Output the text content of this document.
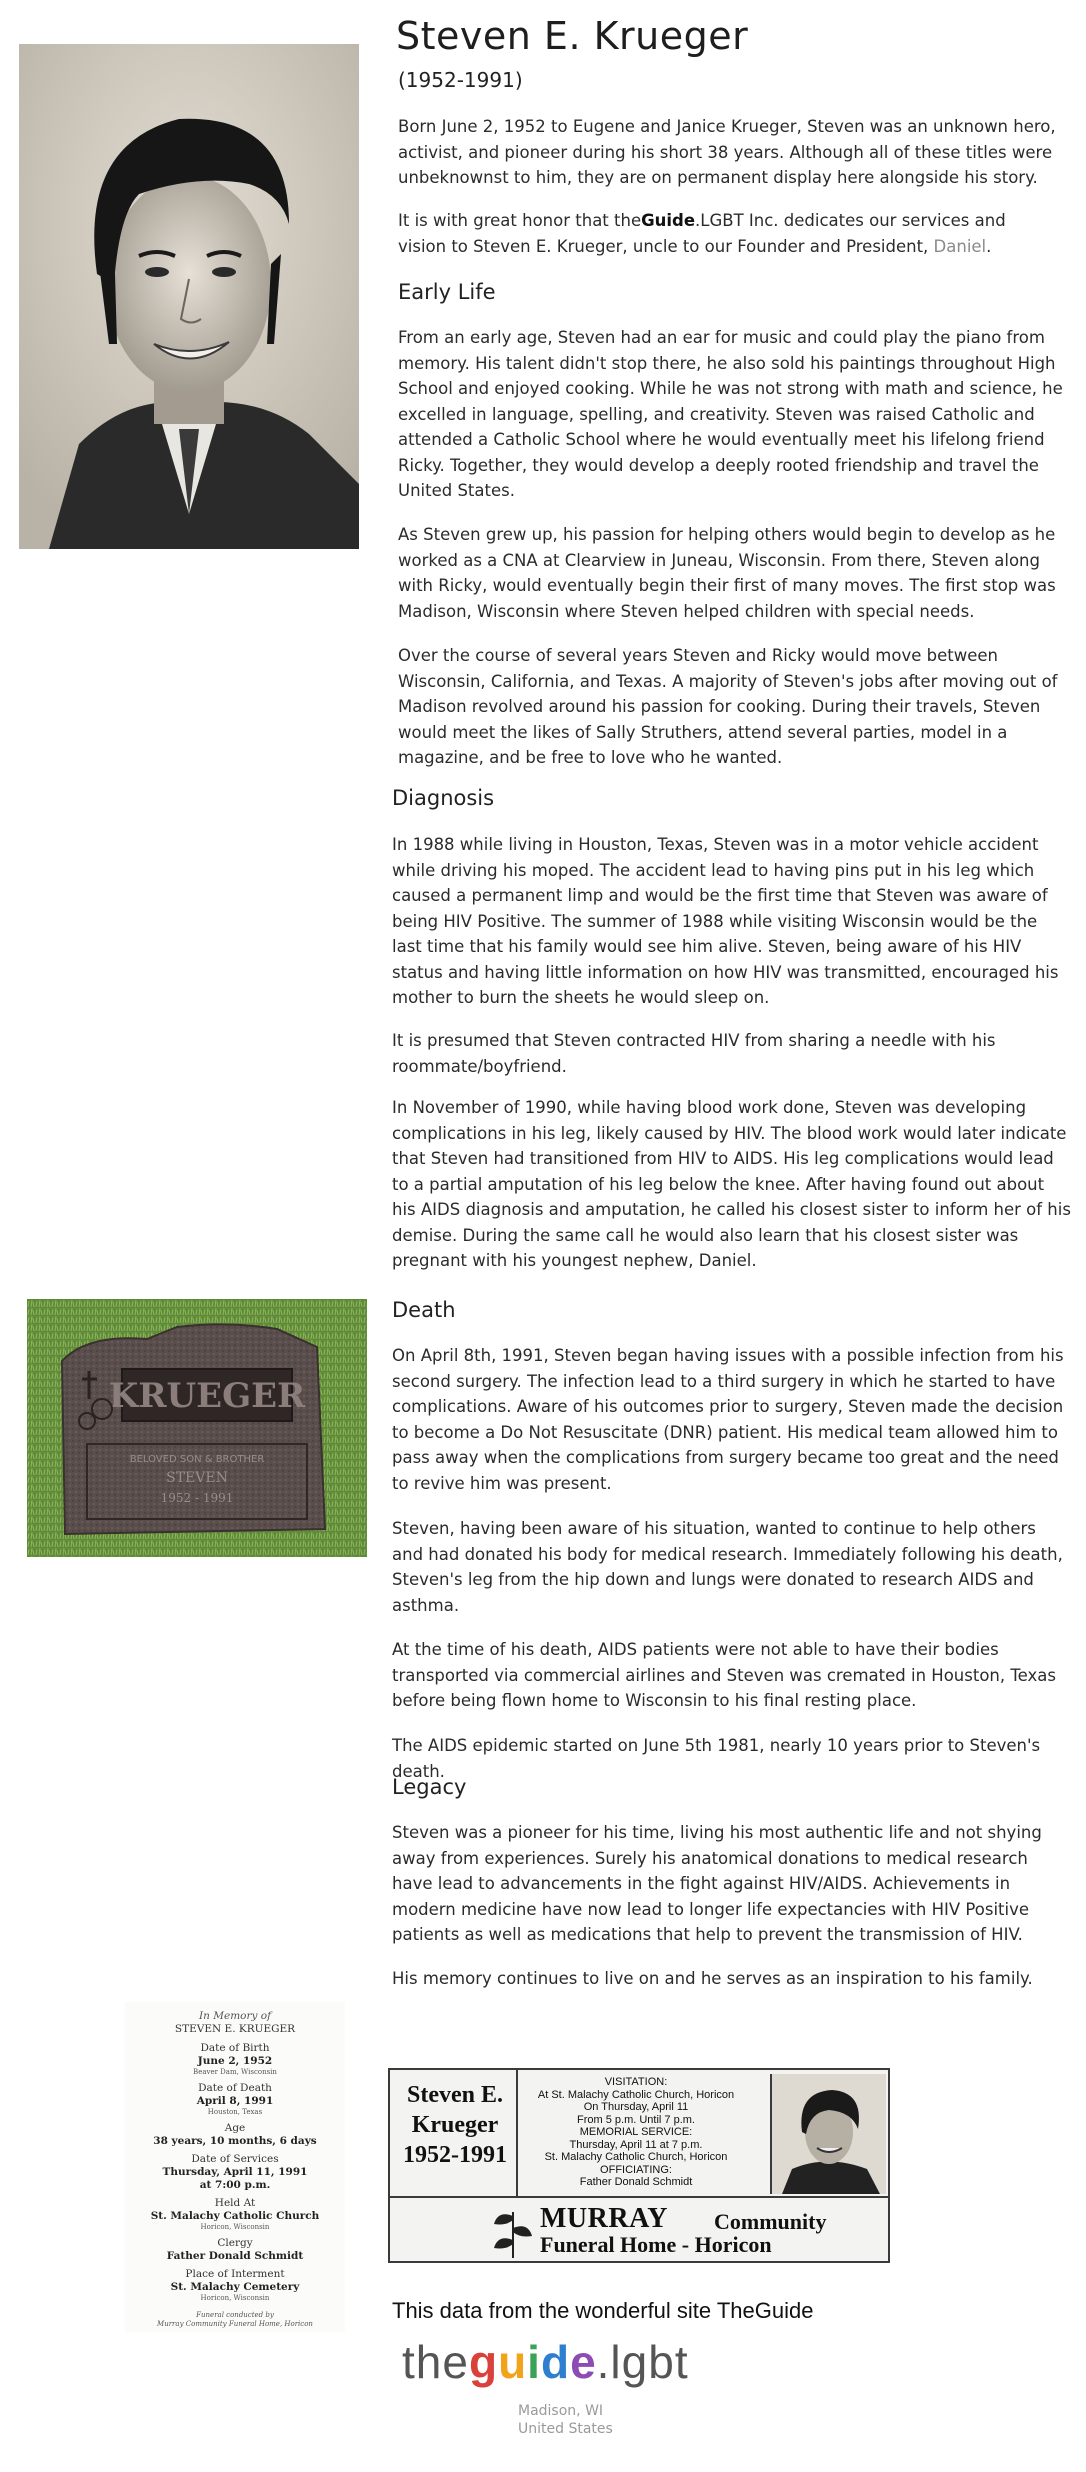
Steven E. Krueger
(1952-1991)

Born June 2, 1952 to Eugene and Janice Krueger, Steven was an unknown hero, activist, and pioneer during his short 38 years. Although all of these titles were unbeknownst to him, they are on permanent display here alongside his story.

It is with great honor that theGuide.LGBT Inc. dedicates our services and vision to Steven E. Krueger, uncle to our Founder and President, Daniel.

Early Life

From an early age, Steven had an ear for music and could play the piano from memory. His talent didn't stop there, he also sold his paintings throughout High School and enjoyed cooking. While he was not strong with math and science, he excelled in language, spelling, and creativity. Steven was raised Catholic and attended a Catholic School where he would eventually meet his lifelong friend Ricky. Together, they would develop a deeply rooted friendship and travel the United States.

As Steven grew up, his passion for helping others would begin to develop as he worked as a CNA at Clearview in Juneau, Wisconsin. From there, Steven along with Ricky, would eventually begin their first of many moves. The first stop was Madison, Wisconsin where Steven helped children with special needs.

Over the course of several years Steven and Ricky would move between Wisconsin, California, and Texas. A majority of Steven's jobs after moving out of Madison revolved around his passion for cooking. During their travels, Steven would meet the likes of Sally Struthers, attend several parties, model in a magazine, and be free to love who he wanted.

Diagnosis

In 1988 while living in Houston, Texas, Steven was in a motor vehicle accident while driving his moped. The accident lead to having pins put in his leg which caused a permanent limp and would be the first time that Steven was aware of being HIV Positive. The summer of 1988 while visiting Wisconsin would be the last time that his family would see him alive. Steven, being aware of his HIV status and having little information on how HIV was transmitted, encouraged his mother to burn the sheets he would sleep on.

It is presumed that Steven contracted HIV from sharing a needle with his roommate/boyfriend.

In November of 1990, while having blood work done, Steven was developing complications in his leg, likely caused by HIV. The blood work would later indicate that Steven had transitioned from HIV to AIDS. His leg complications would lead to a partial amputation of his leg below the knee. After having found out about his AIDS diagnosis and amputation, he called his closest sister to inform her of his demise. During the same call he would also learn that his closest sister was pregnant with his youngest nephew, Daniel.

KRUEGER
BELOVED SON & BROTHER
STEVEN
1952 - 1991
Death

On April 8th, 1991, Steven began having issues with a possible infection from his second surgery. The infection lead to a third surgery in which he started to have complications. Aware of his outcomes prior to surgery, Steven made the decision to become a Do Not Resuscitate (DNR) patient. His medical team allowed him to pass away when the complications from surgery became too great and the need to revive him was present.

Steven, having been aware of his situation, wanted to continue to help others and had donated his body for medical research. Immediately following his death, Steven's leg from the hip down and lungs were donated to research AIDS and asthma.

At the time of his death, AIDS patients were not able to have their bodies transported via commercial airlines and Steven was cremated in Houston, Texas before being flown home to Wisconsin to his final resting place.

The AIDS epidemic started on June 5th 1981, nearly 10 years prior to Steven's death.

Legacy

Steven was a pioneer for his time, living his most authentic life and not shying away from experiences. Surely his anatomical donations to medical research have lead to advancements in the fight against HIV/AIDS. Achievements in modern medicine have now lead to longer life expectancies with HIV Positive patients as well as medications that help to prevent the transmission of HIV.

His memory continues to live on and he serves as an inspiration to his family.

In Memory of
STEVEN E. KRUEGER
Date of Birth
June 2, 1952
Beaver Dam, Wisconsin
Date of Death
April 8, 1991
Houston, Texas
Age
38 years, 10 months, 6 days
Date of Services
Thursday, April 11, 1991
at 7:00 p.m.
Held At
St. Malachy Catholic Church
Horicon, Wisconsin
Clergy
Father Donald Schmidt
Place of Interment
St. Malachy Cemetery
Horicon, Wisconsin
Funeral conducted by
Murray Community Funeral Home, Horicon
Steven E.
Krueger
1952-1991
VISITATION:
At St. Malachy Catholic Church, Horicon
On Thursday, April 11
From 5 p.m. Until 7 p.m.
MEMORIAL SERVICE:
Thursday, April 11 at 7 p.m.
St. Malachy Catholic Church, Horicon
OFFICIATING:
Father Donald Schmidt
MURRAY Community
Funeral Home - Horicon
This data from the wonderful site TheGuide
theguide.lgbt
Madison, WI
United States
